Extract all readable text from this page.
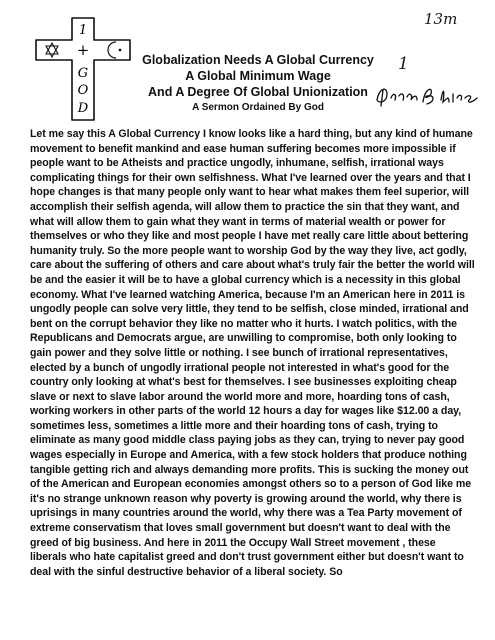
1
+
G
O
D
13m
1

Globalization Needs A Global Currency

A Global Minimum Wage

And A Degree Of Global Unionization

A Sermon Ordained By God

Let me say this A Global Currency I know looks like a hard thing, but any kind of humane movement to benefit mankind and ease human suffering becomes more impossible if people want to be Atheists and practice ungodly, inhumane, selfish, irrational ways complicating things for their own selfishness. What I've learned over the years and that I hope changes is that many people only want to hear what makes them feel superior, will accomplish their selfish agenda, will allow them to practice the sin that they want, and what will allow them to gain what they want in terms of material wealth or power for themselves or who they like and most people I have met really care little about bettering humanity truly. So the more people want to worship God by the way they live, act godly, care about the suffering of others and care about what's truly fair the better the world will be and the easier it will be to have a global currency which is a necessity in this global economy. What I've learned watching America, because I'm an American here in 2011 is ungodly people can solve very little, they tend to be selfish, close minded, irrational and bent on the corrupt behavior they like no matter who it hurts. I watch politics, with the Republicans and Democrats argue, are unwilling to compromise, both only looking to gain power and they solve little or nothing. I see bunch of irrational representatives, elected by a bunch of ungodly irrational people not interested in what's good for the country only looking at what's best for themselves. I see businesses exploiting cheap slave or next to slave labor around the world more and more, hoarding tons of cash, working workers in other parts of the world 12 hours a day for wages like $12.00 a day, sometimes less, sometimes a little more and their hoarding tons of cash, trying to eliminate as many good middle class paying jobs as they can, trying to never pay good wages especially in Europe and America, with a few stock holders that produce nothing tangible getting rich and always demanding more profits. This is sucking the money out of the American and European economies amongst others so to a person of God like me it's no strange unknown reason why poverty is growing around the world, why there is uprisings in many countries around the world, why there was a Tea Party movement of extreme conservatism that loves small government but doesn't want to deal with the greed of big business. And here in 2011 the Occupy Wall Street movement , these liberals who hate capitalist greed and don't trust government either but doesn't want to deal with the sinful destructive behavior of a liberal society. So
